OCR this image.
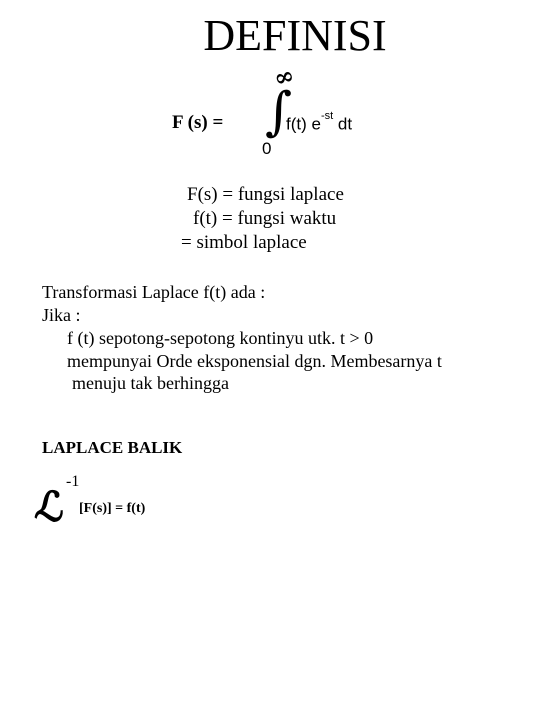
DEFINISI
F (s) =
∞
∫
0
f(t) $e^{-st}$ dt
F(s) = fungsi laplace
f(t) = fungsi waktu
= simbol laplace
Transformasi Laplace f(t) ada :
Jika :
f (t) sepotong-sepotong kontinyu utk. t > 0
mempunyai Orde eksponensial dgn. Membesarnya t
menuju tak berhingga
LAPLACE BALIK
-1
ℒ [F(s)] = f(t)
